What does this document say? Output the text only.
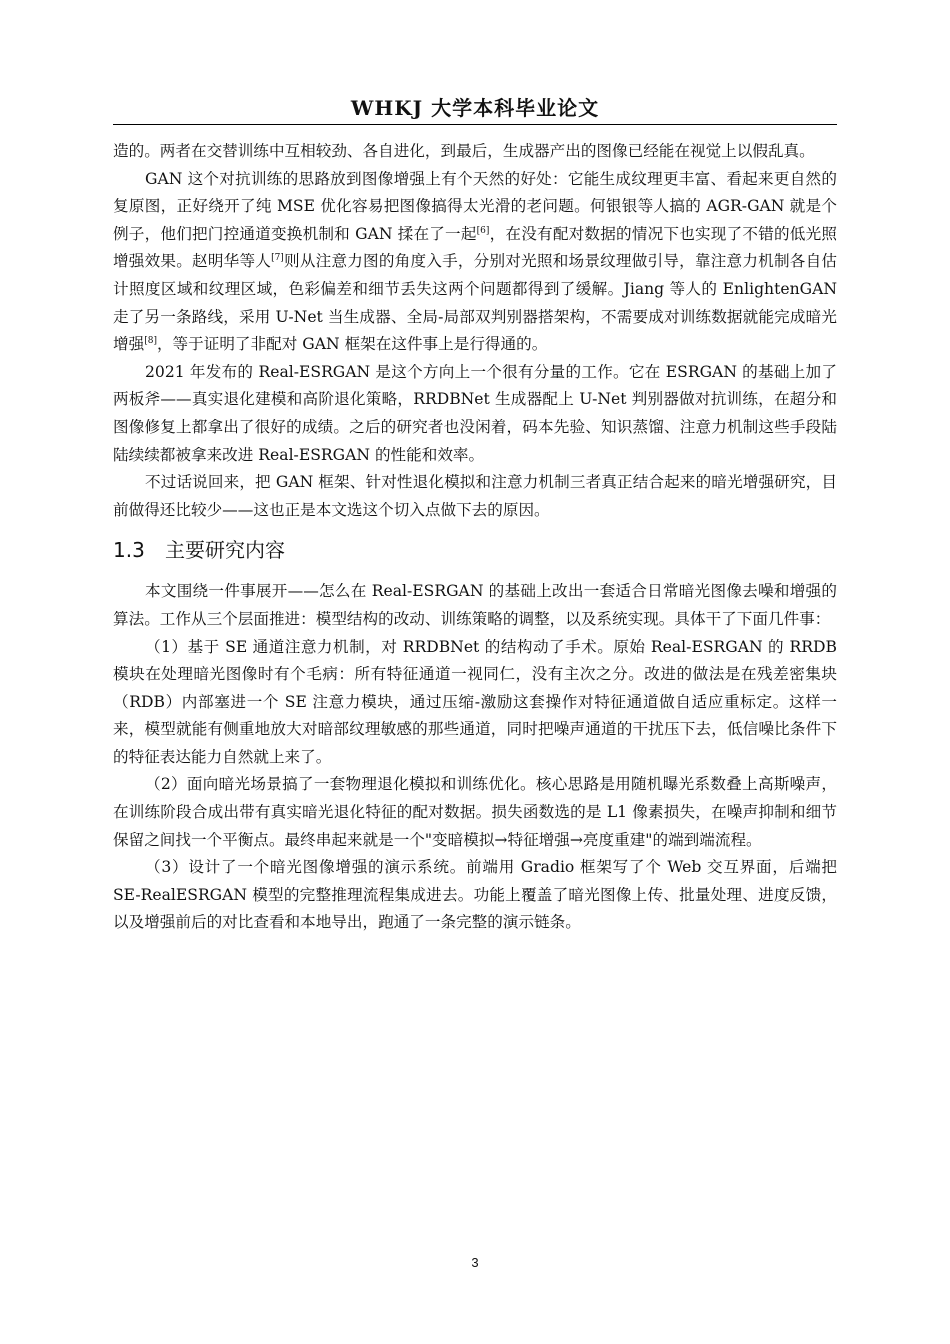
WHKJ 大学本科毕业论文

造的。两者在交替训练中互相较劲、各自进化，到最后，生成器产出的图像已经能在视觉上以假乱真。

GAN 这个对抗训练的思路放到图像增强上有个天然的好处：它能生成纹理更丰富、看起来更自然的复原图，正好绕开了纯 MSE 优化容易把图像搞得太光滑的老问题。何银银等人搞的 AGR-GAN 就是个例子，他们把门控通道变换机制和 GAN 揉在了一起[6]，在没有配对数据的情况下也实现了不错的低光照增强效果。赵明华等人[7]则从注意力图的角度入手，分别对光照和场景纹理做引导，靠注意力机制各自估计照度区域和纹理区域，色彩偏差和细节丢失这两个问题都得到了缓解。Jiang 等人的 EnlightenGAN 走了另一条路线，采用 U-Net 当生成器、全局-局部双判别器搭架构，不需要成对训练数据就能完成暗光增强[8]，等于证明了非配对 GAN 框架在这件事上是行得通的。

2021 年发布的 Real-ESRGAN 是这个方向上一个很有分量的工作。它在 ESRGAN 的基础上加了两板斧——真实退化建模和高阶退化策略，RRDBNet 生成器配上 U-Net 判别器做对抗训练，在超分和图像修复上都拿出了很好的成绩。之后的研究者也没闲着，码本先验、知识蒸馏、注意力机制这些手段陆陆续续都被拿来改进 Real-ESRGAN 的性能和效率。

不过话说回来，把 GAN 框架、针对性退化模拟和注意力机制三者真正结合起来的暗光增强研究，目前做得还比较少——这也正是本文选这个切入点做下去的原因。

1.3 主要研究内容

本文围绕一件事展开——怎么在 Real-ESRGAN 的基础上改出一套适合日常暗光图像去噪和增强的算法。工作从三个层面推进：模型结构的改动、训练策略的调整，以及系统实现。具体干了下面几件事：

（1）基于 SE 通道注意力机制，对 RRDBNet 的结构动了手术。原始 Real-ESRGAN 的 RRDB 模块在处理暗光图像时有个毛病：所有特征通道一视同仁，没有主次之分。改进的做法是在残差密集块（RDB）内部塞进一个 SE 注意力模块，通过压缩-激励这套操作对特征通道做自适应重标定。这样一来，模型就能有侧重地放大对暗部纹理敏感的那些通道，同时把噪声通道的干扰压下去，低信噪比条件下的特征表达能力自然就上来了。

（2）面向暗光场景搞了一套物理退化模拟和训练优化。核心思路是用随机曝光系数叠上高斯噪声，在训练阶段合成出带有真实暗光退化特征的配对数据。损失函数选的是 L1 像素损失，在噪声抑制和细节保留之间找一个平衡点。最终串起来就是一个"变暗模拟→特征增强→亮度重建"的端到端流程。

（3）设计了一个暗光图像增强的演示系统。前端用 Gradio 框架写了个 Web 交互界面，后端把 SE-RealESRGAN 模型的完整推理流程集成进去。功能上覆盖了暗光图像上传、批量处理、进度反馈，以及增强前后的对比查看和本地导出，跑通了一条完整的演示链条。

3
